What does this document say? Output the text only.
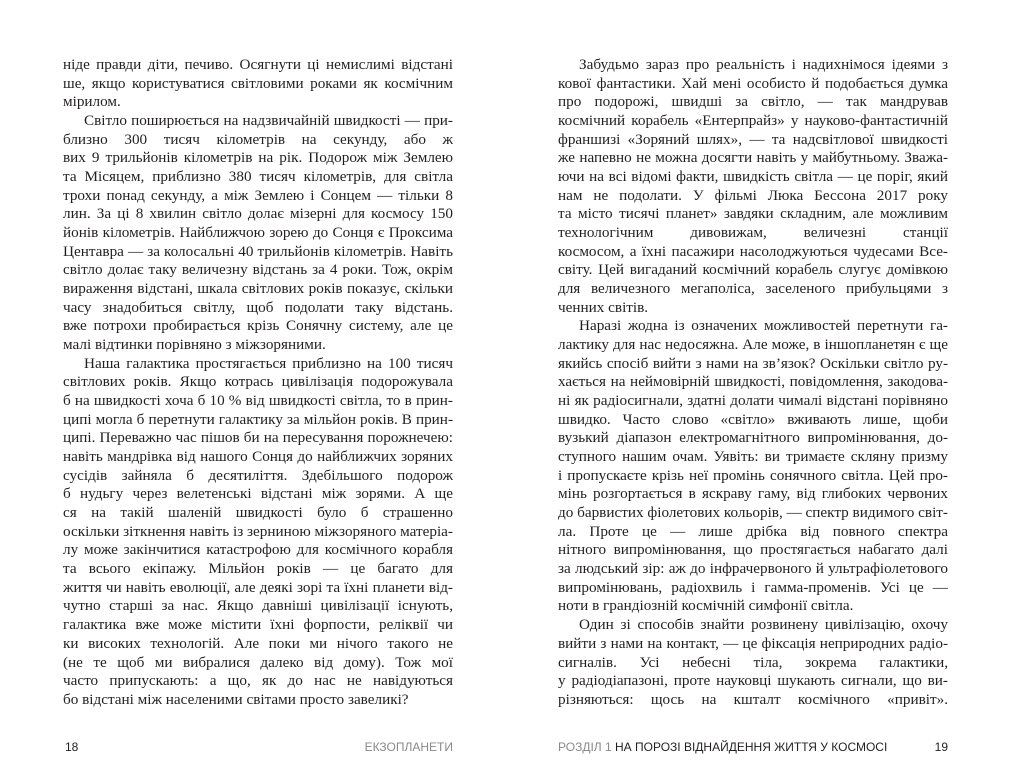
ніде правди діти, печиво. Осягнути ці немислимі відстані
ше, якщо користуватися світловими роками як космічним
мірилом.
Світло поширюється на надзвичайній швидкості — при-
близно 300 тисяч кілометрів на секунду, або ж
вих 9 трильйонів кілометрів на рік. Подорож між Землею
та Місяцем, приблизно 380 тисяч кілометрів, для світла
трохи понад секунду, а між Землею і Сонцем — тільки 8
лин. За ці 8 хвилин світло долає мізерні для космосу 150
йонів кілометрів. Найближчою зорею до Сонця є Проксима
Центавра — за колосальні 40 трильйонів кілометрів. Навіть
світло долає таку величезну відстань за 4 роки. Тож, окрім
вираження відстані, шкала світлових років показує, скільки
часу знадобиться світлу, щоб подолати таку відстань.
вже потрохи пробирається крізь Сонячну систему, але це
малі відтинки порівняно з міжзоряними.
Наша галактика простягається приблизно на 100 тисяч
світлових років. Якщо котрась цивілізація подорожувала
б на швидкості хоча б 10 % від швидкості світла, то в прин-
ципі могла б перетнути галактику за мільйон років. В прин-
ципі. Переважно час пішов би на пересування порожнечею:
навіть мандрівка від нашого Сонця до найближчих зоряних
сусідів зайняла б десятиліття. Здебільшого подорож
б нудьгу через велетенські відстані між зорями. А ще
ся на такій шаленій швидкості було б страшенно
оскільки зіткнення навіть із зерниною міжзоряного матеріа-
лу може закінчитися катастрофою для космічного корабля
та всього екіпажу. Мільйон років — це багато для
життя чи навіть еволюції, але деякі зорі та їхні планети від-
чутно старші за нас. Якщо давніші цивілізації існують,
галактика вже може містити їхні форпости, реліквії чи
ки високих технологій. Але поки ми нічого такого не
(не те щоб ми вибралися далеко від дому). Тож мої
часто припускають: а що, як до нас не навідуються
бо відстані між населеними світами просто завеликі?
Забудьмо зараз про реальність і надихнімося ідеями з
кової фантастики. Хай мені особисто й подобається думка
про подорожі, швидші за світло, — так мандрував
космічний корабель «Ентерпрайз» у науково-фантастичній
франшизі «Зоряний шлях», — та надсвітлової швидкості
же напевно не можна досягти навіть у майбутньому. Зважа-
ючи на всі відомі факти, швидкість світла — це поріг, який
нам не подолати. У фільмі Люка Бессона 2017 року
та місто тисячі планет» завдяки складним, але можливим
технологічним дивовижам, величезні станції
космосом, а їхні пасажири насолоджуються чудесами Все-
світу. Цей вигаданий космічний корабель слугує домівкою
для величезного мегаполіса, заселеного прибульцями з
ченних світів.
Наразі жодна із означених можливостей перетнути га-
лактику для нас недосяжна. Але може, в іншопланетян є ще
якийсь спосіб вийти з нами на зв’язок? Оскільки світло ру-
хається на неймовірній швидкості, повідомлення, закодова-
ні як радіосигнали, здатні долати чималі відстані порівняно
швидко. Часто слово «світло» вживають лише, щоби
вузький діапазон електромагнітного випромінювання, до-
ступного нашим очам. Уявіть: ви тримаєте скляну призму
і пропускаєте крізь неї промінь сонячного світла. Цей про-
мінь розгортається в яскраву гаму, від глибоких червоних
до барвистих фіолетових кольорів, — спектр видимого світ-
ла. Проте це — лише дрібка від повного спектра
нітного випромінювання, що простягається набагато далі
за людський зір: аж до інфрачервоного й ультрафіолетового
випромінювань, радіохвиль і гамма-променів. Усі це —
ноти в грандіозній космічній симфонії світла.
Один зі способів знайти розвинену цивілізацію, охочу
вийти з нами на контакт, — це фіксація неприродних радіо-
сигналів. Усі небесні тіла, зокрема галактики,
у радіодіапазоні, проте науковці шукають сигнали, що ви-
різняються: щось на кшталт космічного «привіт».
18	ЕКЗОПЛАНЕТИ	РОЗДІЛ 1 НА ПОРОЗІ ВІДНАЙДЕННЯ ЖИТТЯ У КОСМОСІ	19
